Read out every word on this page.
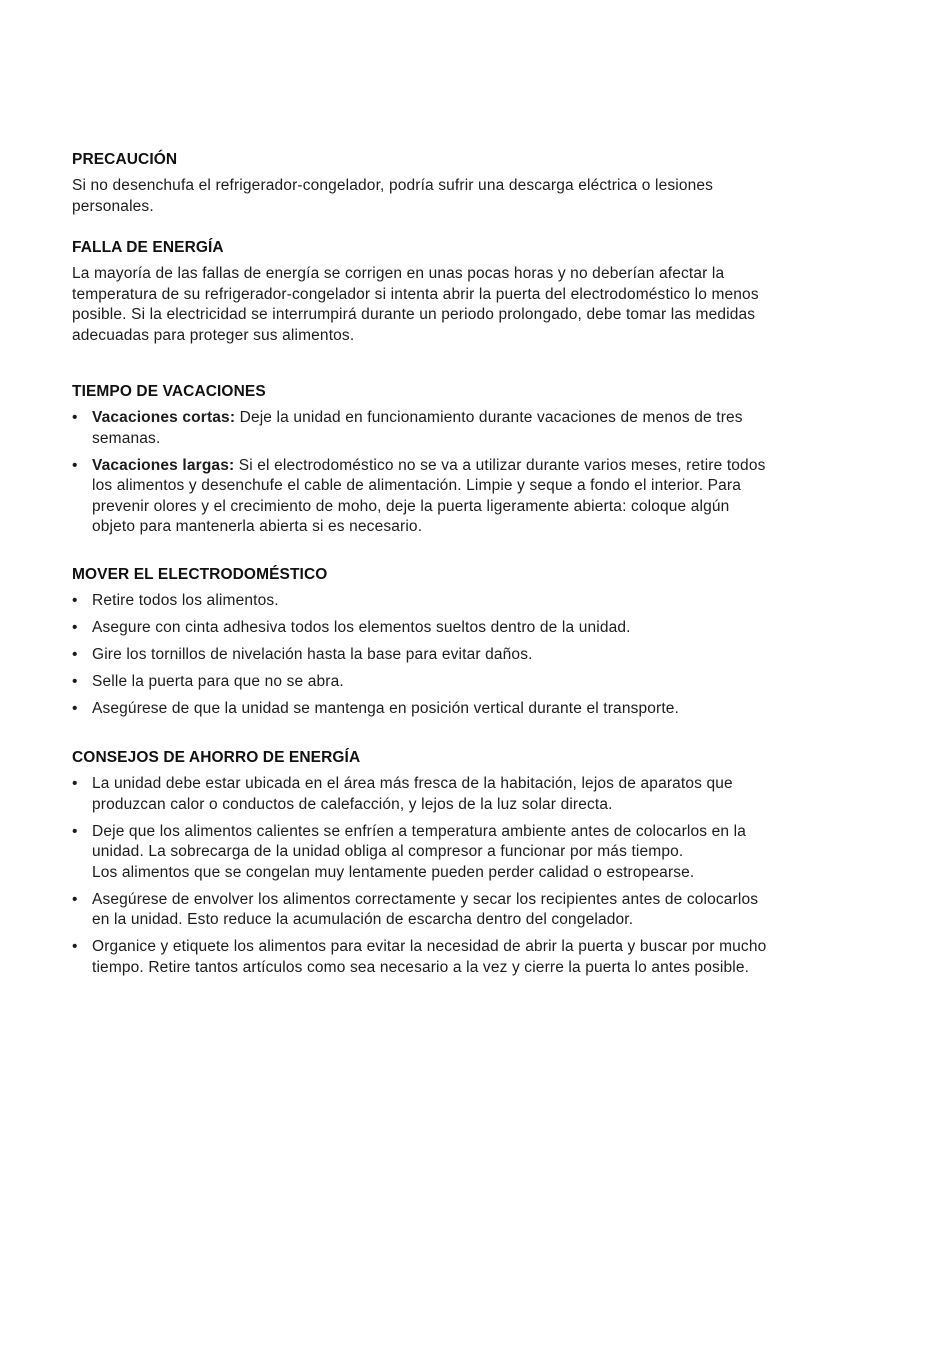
PRECAUCIÓN

Si no desenchufa el refrigerador-congelador, podría sufrir una descarga eléctrica o lesiones

personales.

FALLA DE ENERGÍA

La mayoría de las fallas de energía se corrigen en unas pocas horas y no deberían afectar la

temperatura de su refrigerador-congelador si intenta abrir la puerta del electrodoméstico lo menos

posible. Si la electricidad se interrumpirá durante un periodo prolongado, debe tomar las medidas

adecuadas para proteger sus alimentos.

TIEMPO DE VACACIONES
• Vacaciones cortas: Deje la unidad en funcionamiento durante vacaciones de menos de tres
semanas.
• Vacaciones largas: Si el electrodoméstico no se va a utilizar durante varios meses, retire todos
los alimentos y desenchufe el cable de alimentación. Limpie y seque a fondo el interior. Para
prevenir olores y el crecimiento de moho, deje la puerta ligeramente abierta: coloque algún
objeto para mantenerla abierta si es necesario.
MOVER EL ELECTRODOMÉSTICO
• Retire todos los alimentos.
• Asegure con cinta adhesiva todos los elementos sueltos dentro de la unidad.
• Gire los tornillos de nivelación hasta la base para evitar daños.
• Selle la puerta para que no se abra.
• Asegúrese de que la unidad se mantenga en posición vertical durante el transporte.
CONSEJOS DE AHORRO DE ENERGÍA
• La unidad debe estar ubicada en el área más fresca de la habitación, lejos de aparatos que
produzcan calor o conductos de calefacción, y lejos de la luz solar directa.
• Deje que los alimentos calientes se enfríen a temperatura ambiente antes de colocarlos en la
unidad. La sobrecarga de la unidad obliga al compresor a funcionar por más tiempo.
Los alimentos que se congelan muy lentamente pueden perder calidad o estropearse.
• Asegúrese de envolver los alimentos correctamente y secar los recipientes antes de colocarlos
en la unidad. Esto reduce la acumulación de escarcha dentro del congelador.
• Organice y etiquete los alimentos para evitar la necesidad de abrir la puerta y buscar por mucho
tiempo. Retire tantos artículos como sea necesario a la vez y cierre la puerta lo antes posible.
